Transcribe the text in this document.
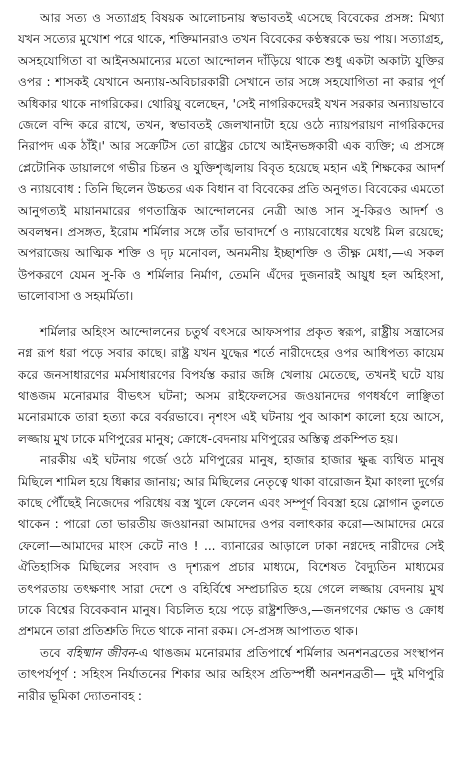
আর সত্য ও সত্যাগ্রহ বিষয়ক আলোচনায় স্বভাবতই এসেছে বিবেকের প্রসঙ্গ: মিথ্যা যখন সত্যের মুখোশ পরে থাকে, শক্তিমানরাও তখন বিবেকের কণ্ঠস্বরকে ভয় পায়। সত্যাগ্রহ, অসহযোগিতা বা আইনঅমান্যের মতো আন্দোলন দাঁড়িয়ে থাকে শুধু একটা অকাট্য যুক্তির ওপর : শাসকই যেখানে অন্যায়-অবিচারকারী সেখানে তার সঙ্গে সহযোগিতা না করার পূর্ণ অধিকার থাকে নাগরিকের। থোরিয়ু বলেছেন, 'সেই নাগরিকদেরই যখন সরকার অন্যায়ভাবে জেলে বন্দি করে রাখে, তখন, স্বভাবতই জেলখানাটা হয়ে ওঠে ন্যায়পরায়ণ নাগরিকদের নিরাপদ এক ঠাঁই।' আর সক্রেটিস তো রাষ্ট্রের চোখে আইনভঙ্গকারী এক ব্যক্তি; এ প্রসঙ্গে প্লেটোনিক ডায়ালগে গভীর চিন্তন ও যুক্তিশৃঙ্খলায় বিবৃত হয়েছে মহান এই শিক্ষকের আদর্শ ও ন্যায়বোধ : তিনি ছিলেন উচ্চতর এক বিধান বা বিবেকের প্রতি অনুগত। বিবেকের এমতো আনুগত্যই মায়ানমারের গণতান্ত্রিক আন্দোলনের নেত্রী আঙ সান সু-কিরও আদর্শ ও অবলম্বন। প্রসঙ্গত, ইরোম শর্মিলার সঙ্গে তাঁর ভাবাদর্শে ও ন্যায়বোধের যথেষ্ট মিল রয়েছে; অপরাজেয় আত্মিক শক্তি ও দৃঢ় মনোবল, অনমনীয় ইচ্ছাশক্তি ও তীক্ষ্ণ মেধা,—এ সকল উপকরণে যেমন সু-কি ও শর্মিলার নির্মাণ, তেমনি এঁদের দুজনারই আয়ুধ হল অহিংসা, ভালোবাসা ও সহমর্মিতা।

শর্মিলার অহিংস আন্দোলনের চতুর্থ বৎসরে আফসপার প্রকৃত স্বরূপ, রাষ্ট্রীয় সন্ত্রাসের নগ্ন রূপ ধরা পড়ে সবার কাছে। রাষ্ট্র যখন যুদ্ধের শর্তে নারীদেহের ওপর আধিপত্য কায়েম করে জনসাধারণের মর্মসাধারণের বিপর্যস্ত করার জঙ্গি খেলায় মেতেছে, তখনই ঘটে যায় থাঙজম মনোরমার বীভৎস ঘটনা; অসম রাইফেলসের জওয়ানদের গণধর্ষণে লাঞ্ছিতা মনোরমাকে তারা হত্যা করে বর্বরভাবে। নৃশংস এই ঘটনায় পুব আকাশ কালো হয়ে আসে, লজ্জায় মুখ ঢাকে মণিপুরের মানুষ; ক্রোধে-বেদনায় মণিপুরের অস্তিত্ব প্রকম্পিত হয়।

নারকীয় এই ঘটনায় গর্জে ওঠে মণিপুরের মানুষ, হাজার হাজার ক্ষুব্ধ ব্যথিত মানুষ মিছিলে শামিল হয়ে ধিক্কার জানায়; আর মিছিলের নেতৃত্বে থাকা বারোজন ইমা কাংলা দুর্গের কাছে পৌঁছেই নিজেদের পরিধেয় বস্ত্র খুলে ফেলেন এবং সম্পূর্ণ বিবস্ত্রা হয়ে স্লোগান তুলতে থাকেন : পারো তো ভারতীয় জওয়ানরা আমাদের ওপর বলাৎকার করো—আমাদের মেরে ফেলো—আমাদের মাংস কেটে নাও ! ... ব্যানারের আড়ালে ঢাকা নগ্নদেহ নারীদের সেই ঐতিহাসিক মিছিলের সংবাদ ও দৃশ্যরূপ প্রচার মাধ্যমে, বিশেষত বৈদ্যুতিন মাধ্যমের তৎপরতায় তৎক্ষণাৎ সারা দেশে ও বহির্বিশ্বে সম্প্রচারিত হয়ে গেলে লজ্জায় বেদনায় মুখ ঢাকে বিশ্বের বিবেকবান মানুষ। বিচলিত হয়ে পড়ে রাষ্ট্রশক্তিও,—জনগণের ক্ষোভ ও ক্রোধ প্রশমনে তারা প্রতিশ্রুতি দিতে থাকে নানা রকম। সে-প্রসঙ্গ আপাতত থাক।

তবে বহিষ্মান জীবন-এ থাঙজম মনোরমার প্রতিপার্শ্বে শর্মিলার অনশনব্রতের সংস্থাপন তাৎপর্যপূর্ণ : সহিংস নির্যাতনের শিকার আর অহিংস প্রতিস্পর্ধী অনশনব্রতী— দুই মণিপুরি নারীর ভূমিকা দ্যোতনাবহ :
